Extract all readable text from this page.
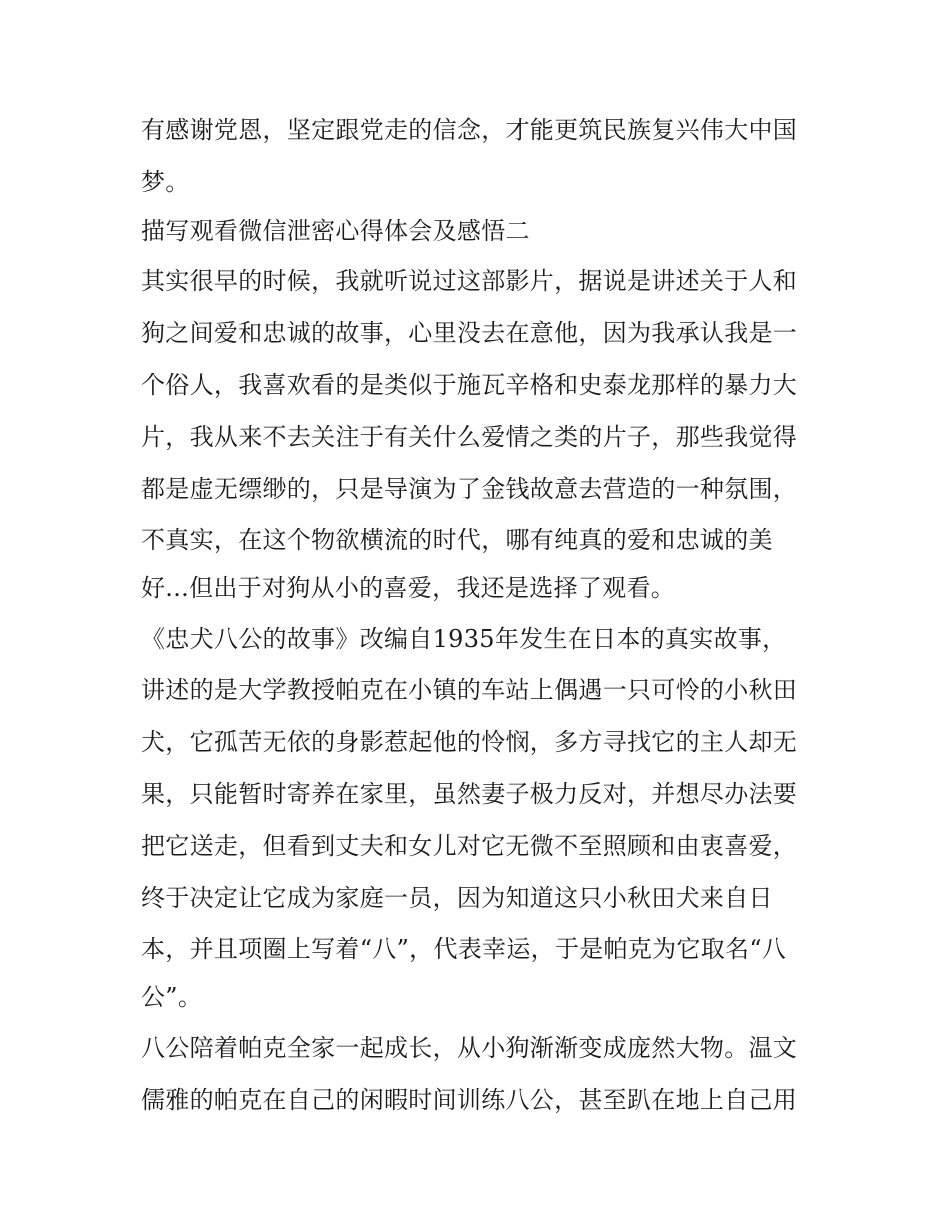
有感谢党恩，坚定跟党走的信念，才能更筑民族复兴伟大中国

梦。

描写观看微信泄密心得体会及感悟二

其实很早的时候，我就听说过这部影片，据说是讲述关于人和

狗之间爱和忠诚的故事，心里没去在意他，因为我承认我是一

个俗人，我喜欢看的是类似于施瓦辛格和史泰龙那样的暴力大

片，我从来不去关注于有关什么爱情之类的片子，那些我觉得

都是虚无缥缈的，只是导演为了金钱故意去营造的一种氛围，

不真实，在这个物欲横流的时代，哪有纯真的爱和忠诚的美

好...但出于对狗从小的喜爱，我还是选择了观看。

《忠犬八公的故事》改编自1935年发生在日本的真实故事，

讲述的是大学教授帕克在小镇的车站上偶遇一只可怜的小秋田

犬，它孤苦无依的身影惹起他的怜悯，多方寻找它的主人却无

果，只能暂时寄养在家里，虽然妻子极力反对，并想尽办法要

把它送走，但看到丈夫和女儿对它无微不至照顾和由衷喜爱，

终于决定让它成为家庭一员，因为知道这只小秋田犬来自日

本，并且项圈上写着“八”，代表幸运，于是帕克为它取名“八

公”。

八公陪着帕克全家一起成长，从小狗渐渐变成庞然大物。温文

儒雅的帕克在自己的闲暇时间训练八公，甚至趴在地上自己用
